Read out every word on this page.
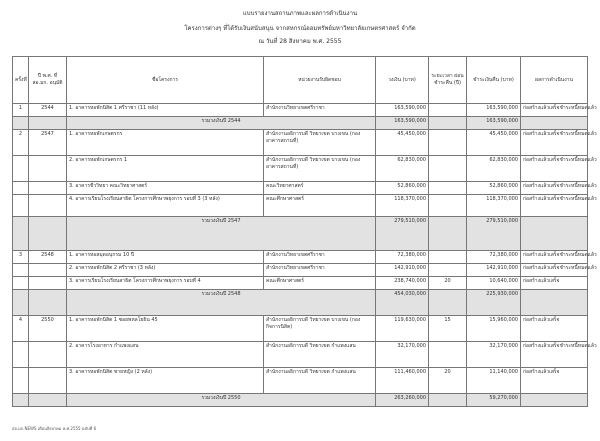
แบบรายงานสถานภาพและผลการดำเนินงาน
โครงการต่างๆ ที่ได้รับเงินสนับสนุน จากสหกรณ์ออมทรัพย์มหาวิทยาลัยเกษตรศาสตร์ จำกัด
ณ วันที่ 28 สิงหาคม พ.ศ. 2555
ครั้งที่	ปี พ.ศ. ที่ สอ.มก. อนุมัติ	ชื่อโครงการ	หน่วยงานรับผิดชอบ	วงเงิน (บาท)	ระยะเวลา ผ่อนชำระคืน (ปี)	ชำระเงินคืน (บาท)	ผลการดำเนินงาน
1	2544	1. อาคารหอพักนิสิต 1 ศรีราชา (11 หลัง)	สำนักงานวิทยาเขตศรีราชา	163,590,000		163,590,000	ก่อสร้างแล้วเสร็จชำระหนี้หมดแล้ว
		รวมวงเงินปี 2544		163,590,000		163,590,000	
2	2547	1. อาคารหอพักเกษตรกร	สำนักงานอธิการบดี วิทยาเขต บางเขน (กองอาคารสถานที่)	45,450,000		45,450,000	ก่อสร้างแล้วเสร็จชำระหนี้หมดแล้ว
		2. อาคารหอพักเกษตรกร 1	สำนักงานอธิการบดี วิทยาเขต บางเขน (กองอาคารสถานที่)	62,830,000		62,830,000	ก่อสร้างแล้วเสร็จชำระหนี้หมดแล้ว
		3. อาคารชีววิทยา คณะวิทยาศาสตร์	คณะวิทยาศาสตร์	52,860,000		52,860,000	ก่อสร้างแล้วเสร็จชำระหนี้หมดแล้ว
		4. อาคารเรียนโรงเรียนสาธิต โครงการศึกษาพยุงการ รอบที่ 3 (3 หลัง)	คณะศึกษาศาสตร์	118,370,000		118,370,000	ก่อสร้างแล้วเสร็จชำระหนี้หมดแล้ว
		รวมวงเงินปี 2547		279,510,000		279,510,000	
3	2548	1. อาคารหอสมุดอนุกรม 10 ปี	สำนักงานวิทยาเขตศรีราชา	72,380,000		72,380,000	ก่อสร้างแล้วเสร็จชำระหนี้หมดแล้ว
		2. อาคารหอพักนิสิต 2 ศรีราชา (3 หลัง)	สำนักงานวิทยาเขตศรีราชา	142,910,000		142,910,000	ก่อสร้างแล้วเสร็จชำระหนี้หมดแล้ว
		3. อาคารเรียนโรงเรียนสาธิต โครงการศึกษาพยุงการ รอบที่ 4	คณะศึกษาศาสตร์	238,740,000	20	10,640,000	ก่อสร้างแล้วเสร็จ
		รวมวงเงินปี 2548		454,030,000		225,930,000	
4	2550	1. อาคารหอพักนิสิต 1 ซอยพหลโยธิน 45	สำนักงานอธิการบดี วิทยาเขต บางเขน (กองกิจการนิสิต)	119,630,000	15	15,960,000	ก่อสร้างแล้วเสร็จ
		2. อาคารโรงอาหาร กำแพงแสน	สำนักงานอธิการบดี วิทยาเขต กำแพงแสน	32,170,000		32,170,000	ก่อสร้างแล้วเสร็จชำระหนี้หมดแล้ว
		3. อาคารหอพักนิสิต ชายหญิง (2 หลัง)	สำนักงานอธิการบดี วิทยาเขต กำแพงแสน	111,460,000	20	11,140,000	ก่อสร้างแล้วเสร็จ
		รวมวงเงินปี 2550		263,260,000		59,270,000	
สอ.มก.NEWS เดือนสิงหาคม พ.ศ.2555 ฉบับที่ 6
